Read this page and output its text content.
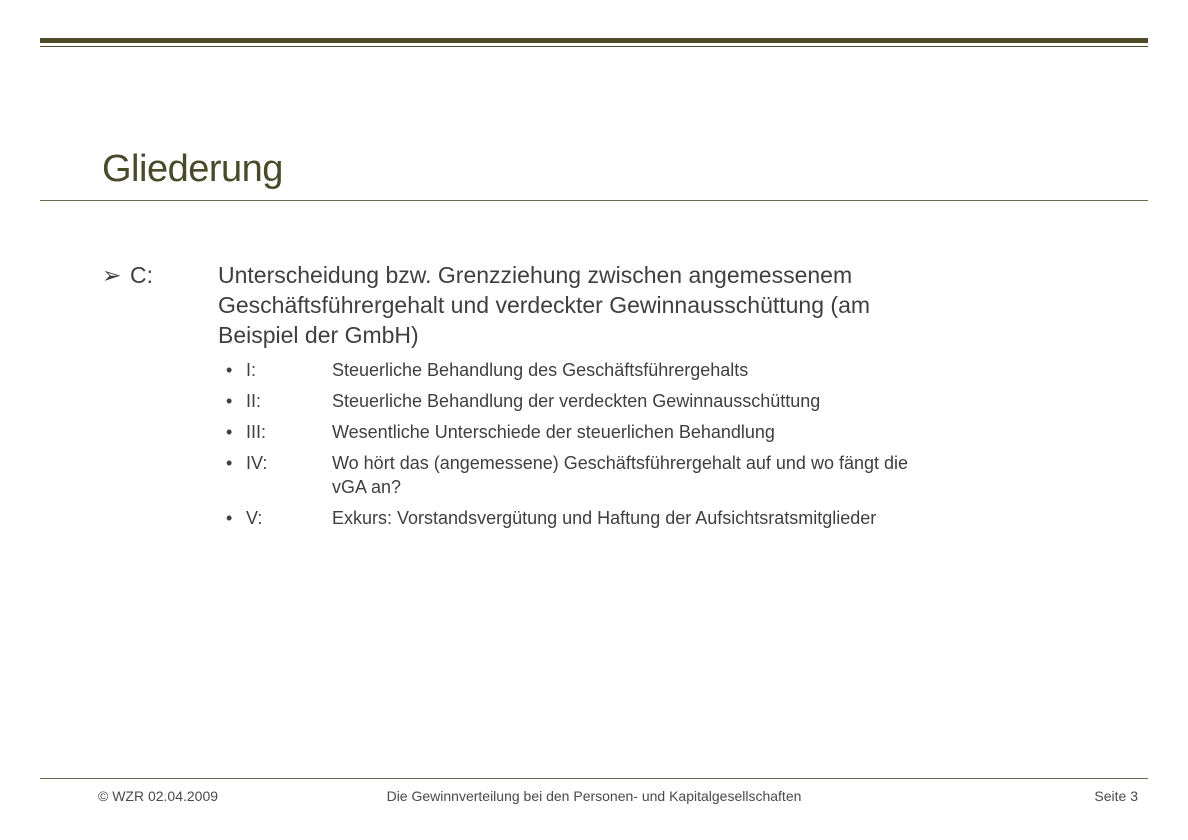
Gliederung
➢ C:	Unterscheidung bzw. Grenzziehung zwischen angemessenem Geschäftsführergehalt und verdeckter Gewinnausschüttung (am Beispiel der GmbH)
• I:	Steuerliche Behandlung des Geschäftsführergehalts
• II:	Steuerliche Behandlung der verdeckten Gewinnausschüttung
• III:	Wesentliche Unterschiede der steuerlichen Behandlung
• IV:	Wo hört das (angemessene) Geschäftsführergehalt auf und wo fängt die vGA an?
• V:	Exkurs: Vorstandsvergütung und Haftung der Aufsichtsratsmitglieder
© WZR 02.04.2009	Die Gewinnverteilung bei den Personen- und Kapitalgesellschaften	Seite 3
